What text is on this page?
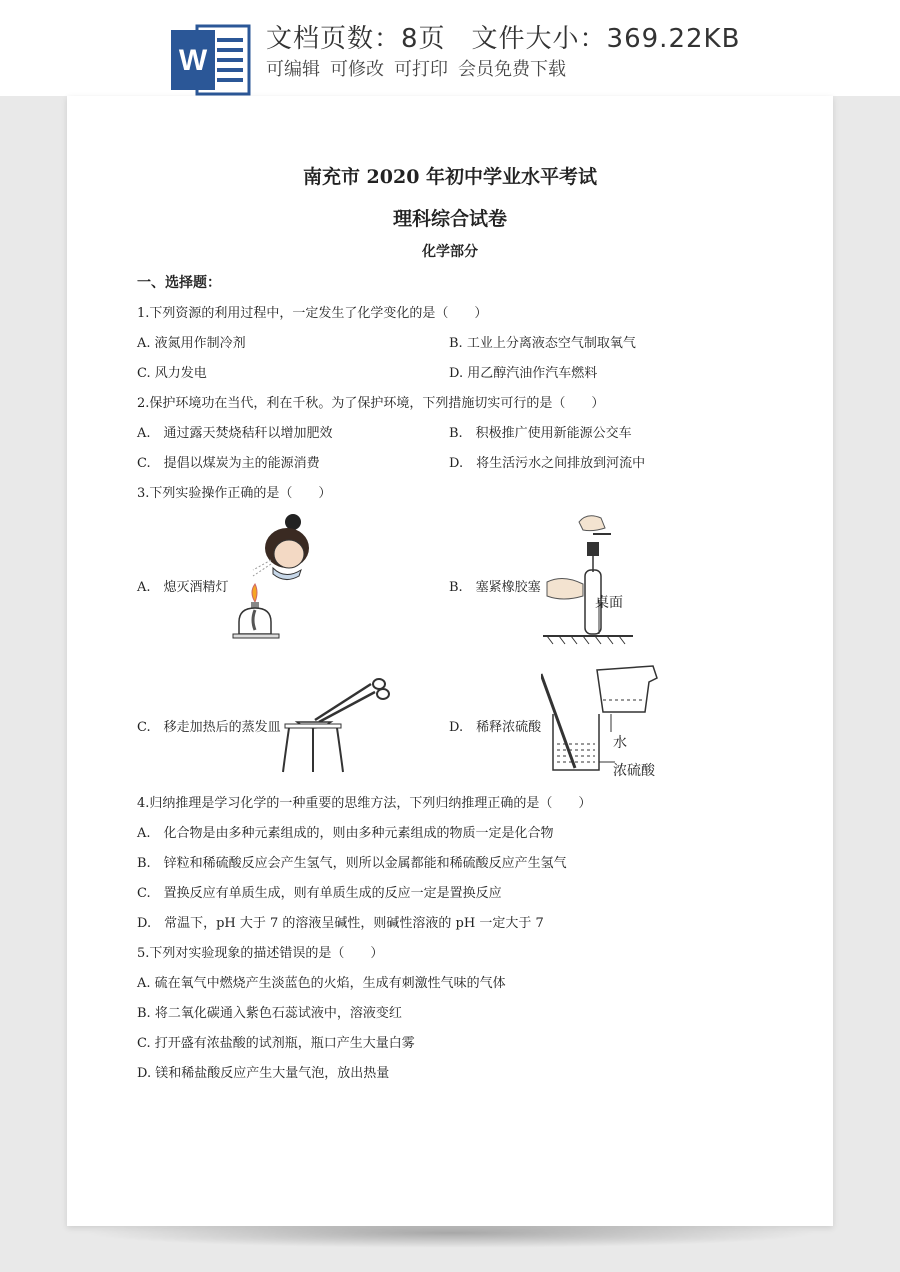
W
文档页数：8页 文件大小：369.22KB
可编辑 可修改 可打印 会员免费下载
南充市 2020 年初中学业水平考试
理科综合试卷
化学部分
一、选择题：
1.下列资源的利用过程中，一定发生了化学变化的是（　　）
A. 液氮用作制冷剂	B. 工业上分离液态空气制取氧气
C. 风力发电	D. 用乙醇汽油作汽车燃料
2.保护环境功在当代，利在千秋。为了保护环境，下列措施切实可行的是（　　）
A.　通过露天焚烧秸秆以增加肥效	B.　积极推广使用新能源公交车
C.　提倡以煤炭为主的能源消费	D.　将生活污水之间排放到河流中
3.下列实验操作正确的是（　　）
A.　熄灭酒精灯	B.　塞紧橡胶塞
C.　移走加热后的蒸发皿	D.　稀释浓硫酸
桌面
水
浓硫酸
4.归纳推理是学习化学的一种重要的思维方法，下列归纳推理正确的是（　　）
A.　化合物是由多种元素组成的，则由多种元素组成的物质一定是化合物
B.　锌粒和稀硫酸反应会产生氢气，则所以金属都能和稀硫酸反应产生氢气
C.　置换反应有单质生成，则有单质生成的反应一定是置换反应
D.　常温下，pH 大于 7 的溶液呈碱性，则碱性溶液的 pH 一定大于 7
5.下列对实验现象的描述错误的是（　　）
A. 硫在氧气中燃烧产生淡蓝色的火焰，生成有刺激性气味的气体
B. 将二氧化碳通入紫色石蕊试液中，溶液变红
C. 打开盛有浓盐酸的试剂瓶，瓶口产生大量白雾
D. 镁和稀盐酸反应产生大量气泡，放出热量
